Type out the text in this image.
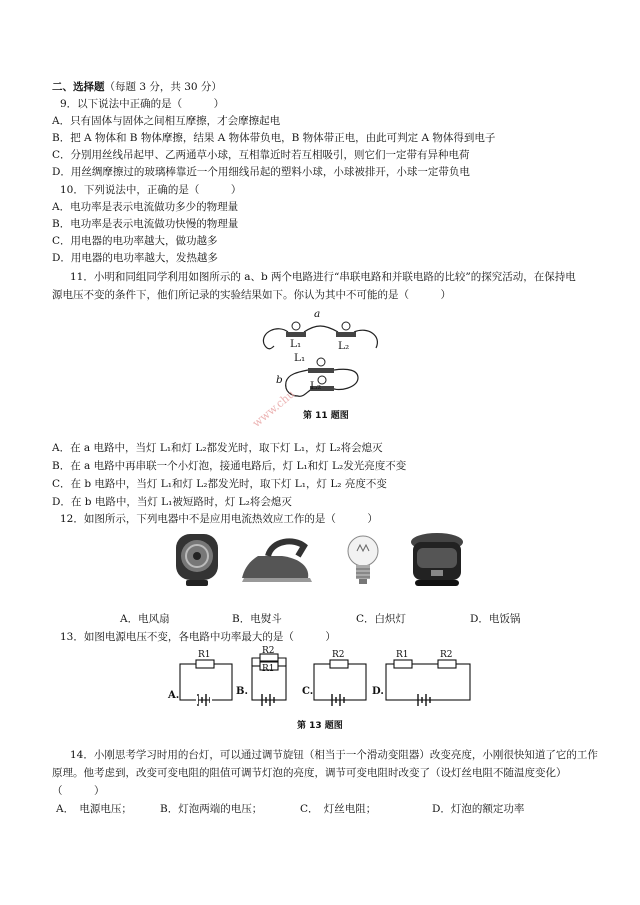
二、选择题（每题 3 分，共 30 分）
9．以下说法中正确的是（　　　）
A．只有固体与固体之间相互摩擦，才会摩擦起电
B．把 A 物体和 B 物体摩擦，结果 A 物体带负电，B 物体带正电，由此可判定 A 物体得到电子
C．分别用丝线吊起甲、乙两通草小球，互相靠近时若互相吸引，则它们一定带有异种电荷
D．用丝绸摩擦过的玻璃棒靠近一个用细线吊起的塑料小球，小球被排开，小球一定带负电
10．下列说法中，正确的是（　　　）
A．电功率是表示电流做功多少的物理量
B．电功率是表示电流做功快慢的物理量
C．用电器的电功率越大，做功越多
D．用电器的电功率越大，发热越多
11．小明和同组同学利用如图所示的 a、b 两个电路进行“串联电路和并联电路的比较”的探究活动，在保持电
源电压不变的条件下，他们所记录的实验结果如下。你认为其中不可能的是（　　　）
a
L₁	L₂
L₁
L₂
b
第 11 题图
www.chu
A．在 a 电路中，当灯 L₁和灯 L₂都发光时，取下灯 L₁，灯 L₂将会熄灭
B．在 a 电路中再串联一个小灯泡，接通电路后，灯 L₁和灯 L₂发光亮度不变
C．在 b 电路中，当灯 L₁和灯 L₂都发光时，取下灯 L₁，灯 L₂ 亮度不变
D．在 b 电路中，当灯 L₁被短路时，灯 L₂将会熄灭
12．如图所示，下列电器中不是应用电流热效应工作的是（　　　）
A．电风扇	B．电熨斗	C．白炽灯	D．电饭锅
13．如图电源电压不变，各电路中功率最大的是（　　　）
A.	B.	C.	D.
R1	R2
R1
R2	R1	R2
第 13 题图
14．小刚思考学习时用的台灯，可以通过调节旋钮（相当于一个滑动变阻器）改变亮度，小刚很快知道了它的工作
原理。他考虑到，改变可变电阻的阻值可调节灯泡的亮度，调节可变电阻时改变了（设灯丝电阻不随温度变化）
（　　　）
A．　电源电压；	B．灯泡两端的电压；	C．　灯丝电阻；	D．灯泡的额定功率
